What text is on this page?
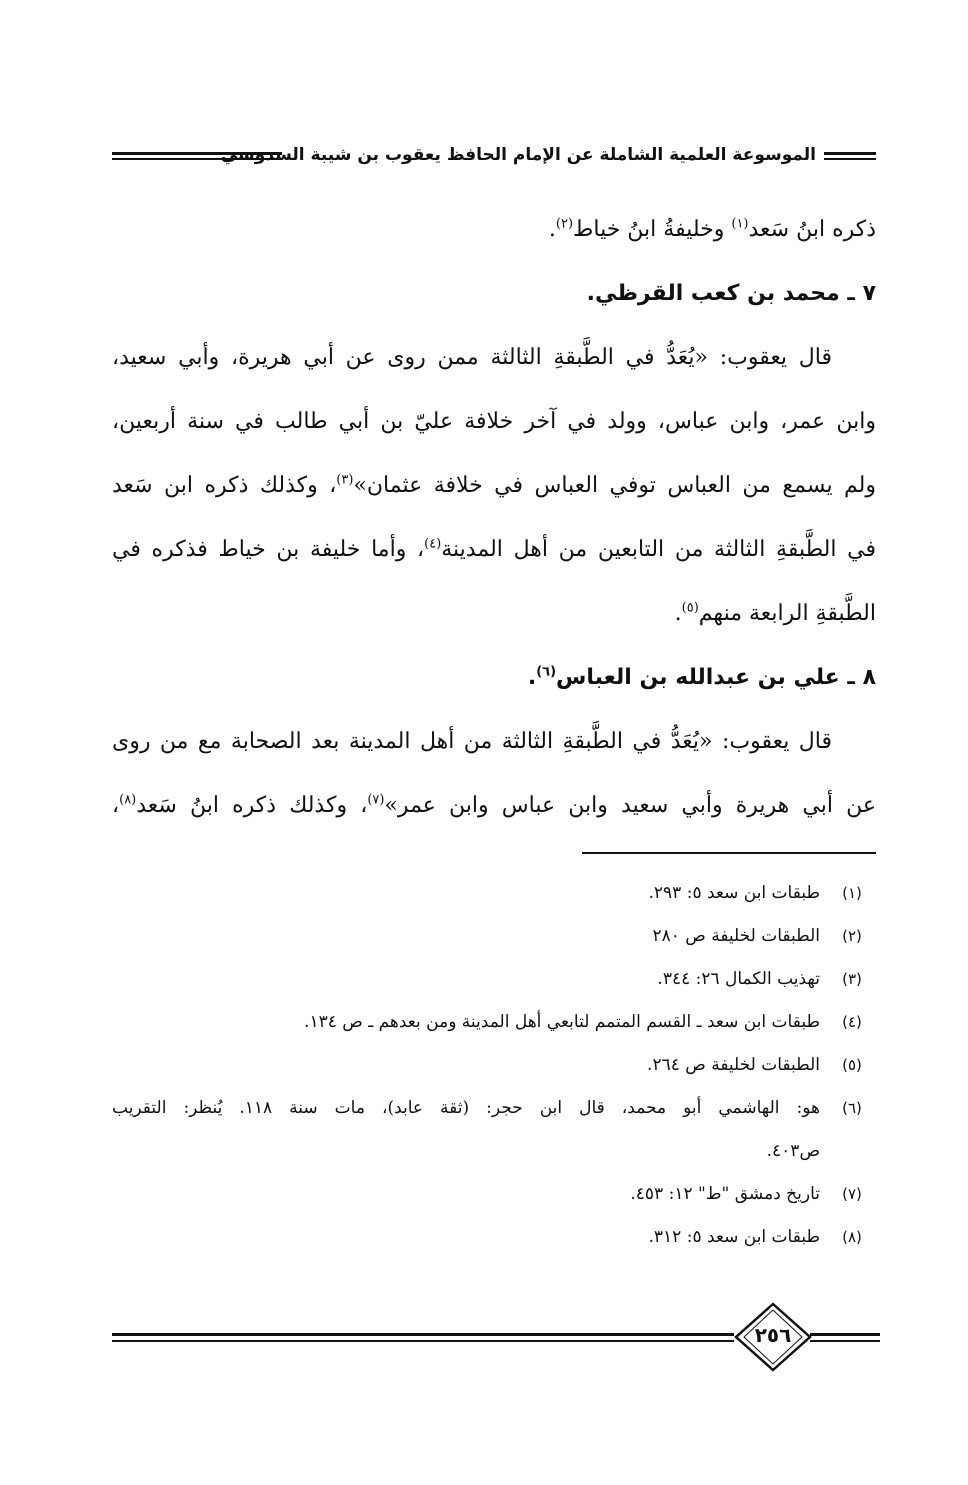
الموسوعة العلمية الشاملة عن الإمام الحافظ يعقوب بن شيبة السدوسي
ذكره ابنُ سَعد$^{(١)}$ وخليفةُ ابنُ خياط$^{(٢)}$.
٧ ـ محمد بن كعب القرظي.
قال يعقوب: «يُعَدُّ في الطَّبقةِ الثالثة ممن روى عن أبي هريرة، وأبي سعيد،
وابن عمر، وابن عباس، وولد في آخر خلافة عليّ بن أبي طالب في سنة أربعين،
ولم يسمع من العباس توفي العباس في خلافة عثمان»$^{(٣)}$، وكذلك ذكره ابن سَعد
في الطَّبقةِ الثالثة من التابعين من أهل المدينة$^{(٤)}$، وأما خليفة بن خياط فذكره في
الطَّبقةِ الرابعة منهم$^{(٥)}$.
٨ ـ علي بن عبدالله بن العباس$^{(٦)}$.
قال يعقوب: «يُعَدُّ في الطَّبقةِ الثالثة من أهل المدينة بعد الصحابة مع من روى
عن أبي هريرة وأبي سعيد وابن عباس وابن عمر»$^{(٧)}$، وكذلك ذكره ابنُ سَعد$^{(٨)}$،
(١)
طبقات ابن سعد ٥: ٢٩٣.
(٢)
الطبقات لخليفة ص ٢٨٠
(٣)
تهذيب الكمال ٢٦: ٣٤٤.
(٤)
طبقات ابن سعد ـ القسم المتمم لتابعي أهل المدينة ومن بعدهم ـ ص ١٣٤.
(٥)
الطبقات لخليفة ص ٢٦٤.
(٦)
هو: الهاشمي أبو محمد، قال ابن حجر: (ثقة عابد)، مات سنة ١١٨. يُنظر: التقريب
ص٤٠٣.
(٧)
تاريخ دمشق "ط" ١٢: ٤٥٣.
(٨)
طبقات ابن سعد ٥: ٣١٢.
٢٥٦
